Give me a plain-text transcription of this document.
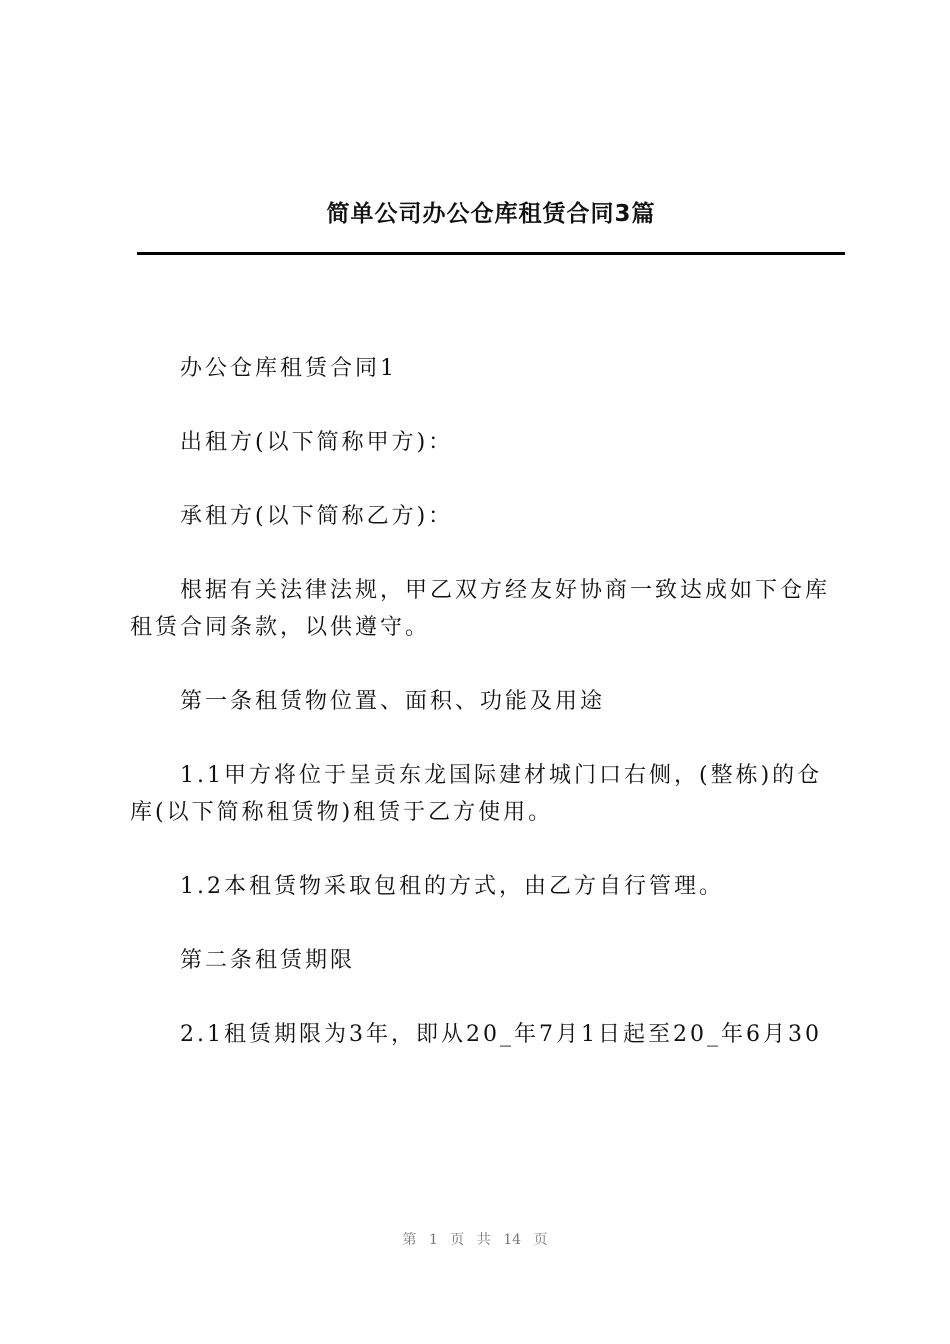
简单公司办公仓库租赁合同3篇

办公仓库租赁合同1

出租方(以下简称甲方)：

承租方(以下简称乙方)：

根据有关法律法规，甲乙双方经友好协商一致达成如下仓库租赁合同条款，以供遵守。

第一条租赁物位置、面积、功能及用途

1.1甲方将位于呈贡东龙国际建材城门口右侧，(整栋)的仓库(以下简称租赁物)租赁于乙方使用。

1.2本租赁物采取包租的方式，由乙方自行管理。

第二条租赁期限

2.1租赁期限为3年，即从20_年7月1日起至20_年6月30

第 1 页 共 14 页
